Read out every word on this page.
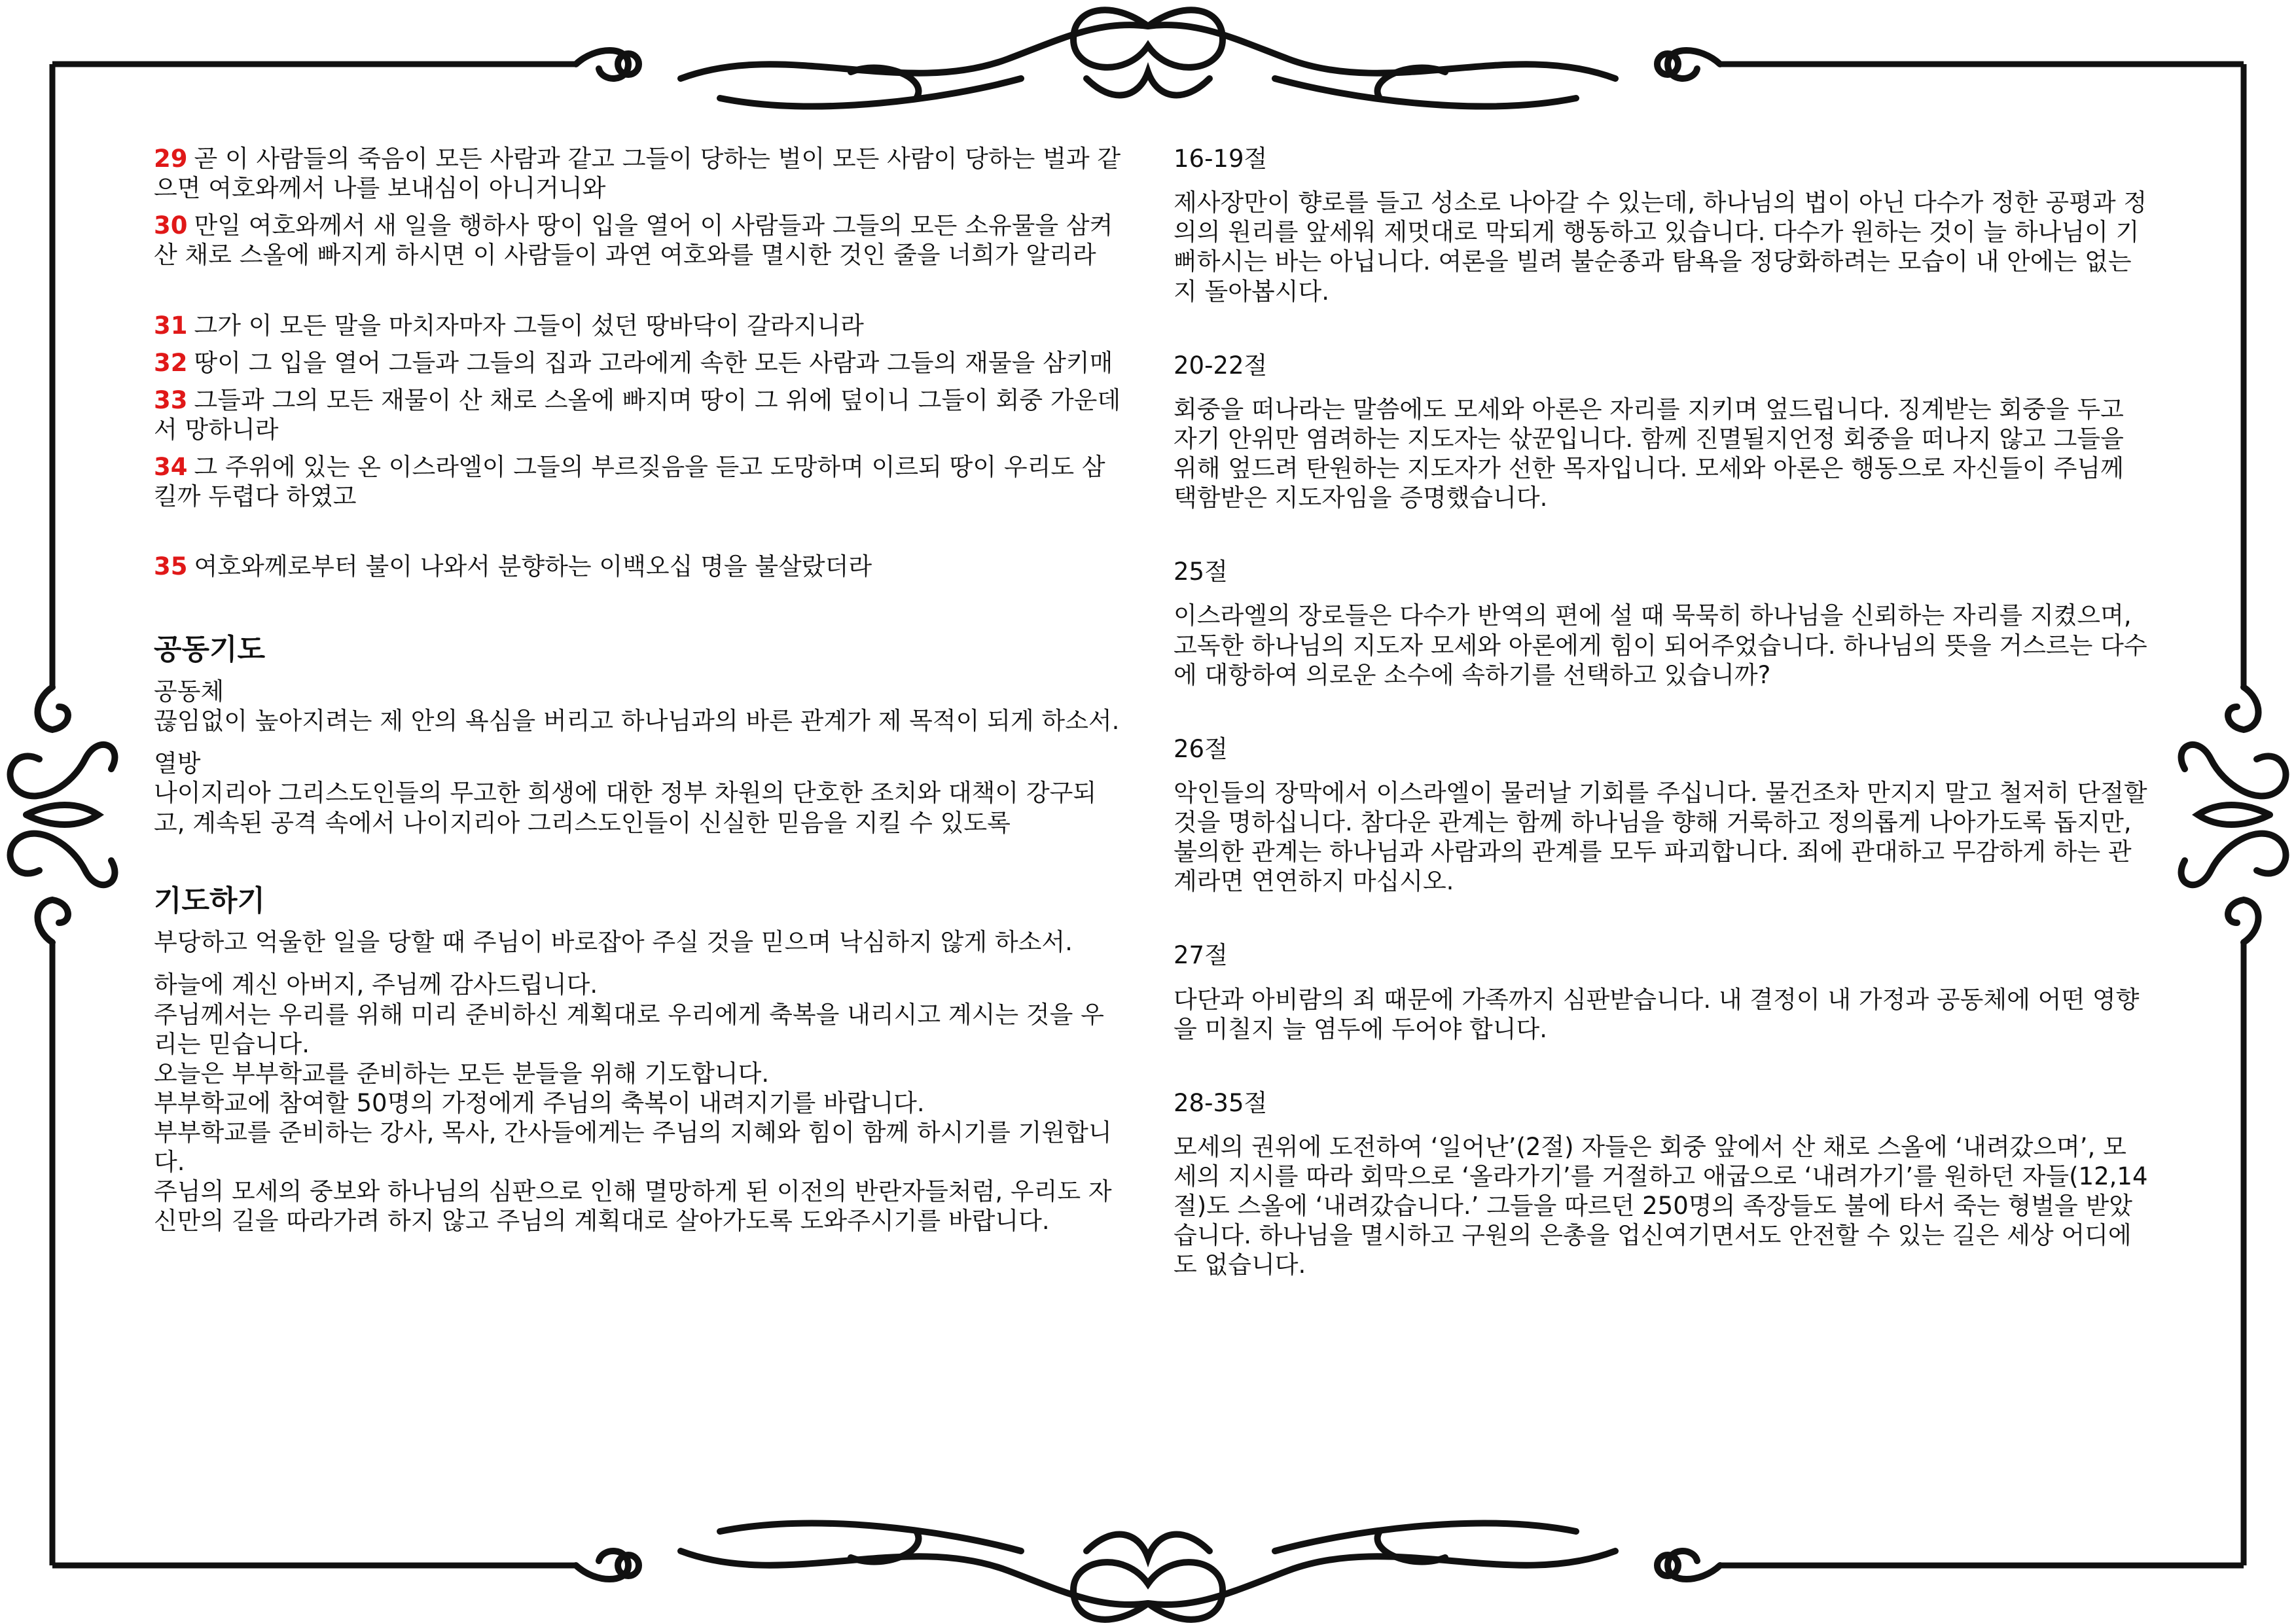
29 곧 이 사람들의 죽음이 모든 사람과 같고 그들이 당하는 벌이 모든 사람이 당하는 벌과 같으면 여호와께서 나를 보내심이 아니거니와

30 만일 여호와께서 새 일을 행하사 땅이 입을 열어 이 사람들과 그들의 모든 소유물을 삼켜 산 채로 스올에 빠지게 하시면 이 사람들이 과연 여호와를 멸시한 것인 줄을 너희가 알리라

31 그가 이 모든 말을 마치자마자 그들이 섰던 땅바닥이 갈라지니라

32 땅이 그 입을 열어 그들과 그들의 집과 고라에게 속한 모든 사람과 그들의 재물을 삼키매

33 그들과 그의 모든 재물이 산 채로 스올에 빠지며 땅이 그 위에 덮이니 그들이 회중 가운데서 망하니라

34 그 주위에 있는 온 이스라엘이 그들의 부르짖음을 듣고 도망하며 이르되 땅이 우리도 삼킬까 두렵다 하였고

35 여호와께로부터 불이 나와서 분향하는 이백오십 명을 불살랐더라

공동기도

공동체

끊임없이 높아지려는 제 안의 욕심을 버리고 하나님과의 바른 관계가 제 목적이 되게 하소서.

열방

나이지리아 그리스도인들의 무고한 희생에 대한 정부 차원의 단호한 조치와 대책이 강구되고, 계속된 공격 속에서 나이지리아 그리스도인들이 신실한 믿음을 지킬 수 있도록

기도하기

부당하고 억울한 일을 당할 때 주님이 바로잡아 주실 것을 믿으며 낙심하지 않게 하소서.

하늘에 계신 아버지, 주님께 감사드립니다.

주님께서는 우리를 위해 미리 준비하신 계획대로 우리에게 축복을 내리시고 계시는 것을 우리는 믿습니다.

오늘은 부부학교를 준비하는 모든 분들을 위해 기도합니다.

부부학교에 참여할 50명의 가정에게 주님의 축복이 내려지기를 바랍니다.

부부학교를 준비하는 강사, 목사, 간사들에게는 주님의 지혜와 힘이 함께 하시기를 기원합니다.

주님의 모세의 중보와 하나님의 심판으로 인해 멸망하게 된 이전의 반란자들처럼, 우리도 자신만의 길을 따라가려 하지 않고 주님의 계획대로 살아가도록 도와주시기를 바랍니다.

16-19절

제사장만이 향로를 들고 성소로 나아갈 수 있는데, 하나님의 법이 아닌 다수가 정한 공평과 정의의 원리를 앞세워 제멋대로 막되게 행동하고 있습니다. 다수가 원하는 것이 늘 하나님이 기뻐하시는 바는 아닙니다. 여론을 빌려 불순종과 탐욕을 정당화하려는 모습이 내 안에는 없는지 돌아봅시다.

20-22절

회중을 떠나라는 말씀에도 모세와 아론은 자리를 지키며 엎드립니다. 징계받는 회중을 두고 자기 안위만 염려하는 지도자는 삯꾼입니다. 함께 진멸될지언정 회중을 떠나지 않고 그들을 위해 엎드려 탄원하는 지도자가 선한 목자입니다. 모세와 아론은 행동으로 자신들이 주님께 택함받은 지도자임을 증명했습니다.

25절

이스라엘의 장로들은 다수가 반역의 편에 설 때 묵묵히 하나님을 신뢰하는 자리를 지켰으며, 고독한 하나님의 지도자 모세와 아론에게 힘이 되어주었습니다. 하나님의 뜻을 거스르는 다수에 대항하여 의로운 소수에 속하기를 선택하고 있습니까?

26절

악인들의 장막에서 이스라엘이 물러날 기회를 주십니다. 물건조차 만지지 말고 철저히 단절할 것을 명하십니다. 참다운 관계는 함께 하나님을 향해 거룩하고 정의롭게 나아가도록 돕지만, 불의한 관계는 하나님과 사람과의 관계를 모두 파괴합니다. 죄에 관대하고 무감하게 하는 관계라면 연연하지 마십시오.

27절

다단과 아비람의 죄 때문에 가족까지 심판받습니다. 내 결정이 내 가정과 공동체에 어떤 영향을 미칠지 늘 염두에 두어야 합니다.

28-35절

모세의 권위에 도전하여 ‘일어난’(2절) 자들은 회중 앞에서 산 채로 스올에 ‘내려갔으며’, 모세의 지시를 따라 회막으로 ‘올라가기’를 거절하고 애굽으로 ‘내려가기’를 원하던 자들(12,14절)도 스올에 ‘내려갔습니다.’ 그들을 따르던 250명의 족장들도 불에 타서 죽는 형벌을 받았습니다. 하나님을 멸시하고 구원의 은총을 업신여기면서도 안전할 수 있는 길은 세상 어디에도 없습니다.
